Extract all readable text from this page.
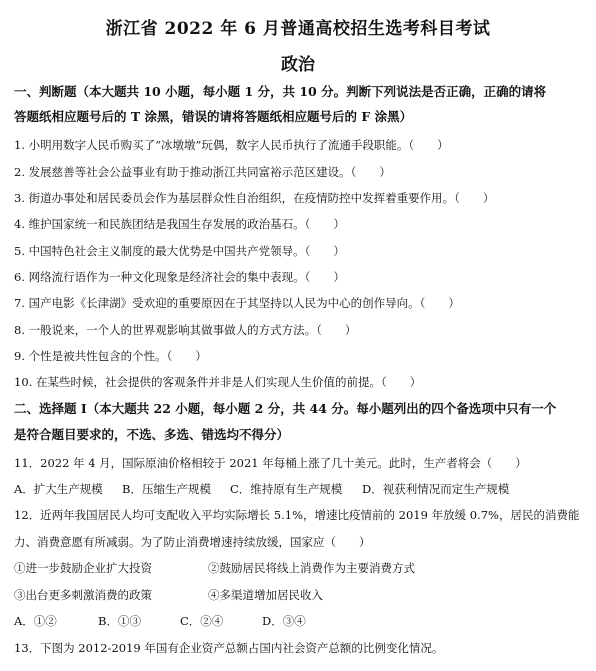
浙江省 2022 年 6 月普通高校招生选考科目考试
政治
一、判断题（本大题共 10 小题，每小题 1 分，共 10 分。判断下列说法是否正确，正确的请将
答题纸相应题号后的 T 涂黑，错误的请将答题纸相应题号后的 F 涂黑）
1. 小明用数字人民币购买了“冰墩墩”玩偶，数字人民币执行了流通手段职能。（　　）
2. 发展慈善等社会公益事业有助于推动浙江共同富裕示范区建设。（　　）
3. 街道办事处和居民委员会作为基层群众性自治组织，在疫情防控中发挥着重要作用。（　　）
4. 维护国家统一和民族团结是我国生存发展的政治基石。（　　）
5. 中国特色社会主义制度的最大优势是中国共产党领导。（　　）
6. 网络流行语作为一种文化现象是经济社会的集中表现。（　　）
7. 国产电影《长津湖》受欢迎的重要原因在于其坚持以人民为中心的创作导向。（　　）
8. 一般说来，一个人的世界观影响其做事做人的方式方法。（　　）
9. 个性是被共性包含的个性。（　　）
10. 在某些时候，社会提供的客观条件并非是人们实现人生价值的前提。（　　）
二、选择题 I（本大题共 22 小题，每小题 2 分，共 44 分。每小题列出的四个备选项中只有一个
是符合题目要求的，不选、多选、错选均不得分）
11．2022 年 4 月，国际原油价格相较于 2021 年每桶上涨了几十美元。此时，生产者将会（　　）
A．扩大生产规模 B．压缩生产规模 C．维持原有生产规模 D．视获利情况而定生产规模
12．近两年我国居民人均可支配收入平均实际增长 5.1%，增速比疫情前的 2019 年放缓 0.7%，居民的消费能
力、消费意愿有所减弱。为了防止消费增速持续放缓，国家应（　　）
①进一步鼓励企业扩大投资	②鼓励居民将线上消费作为主要消费方式
③出台更多刺激消费的政策	④多渠道增加居民收入
A．①②	B．①③	C．②④	D．③④
13．下图为 2012-2019 年国有企业资产总额占国内社会资产总额的比例变化情况。
